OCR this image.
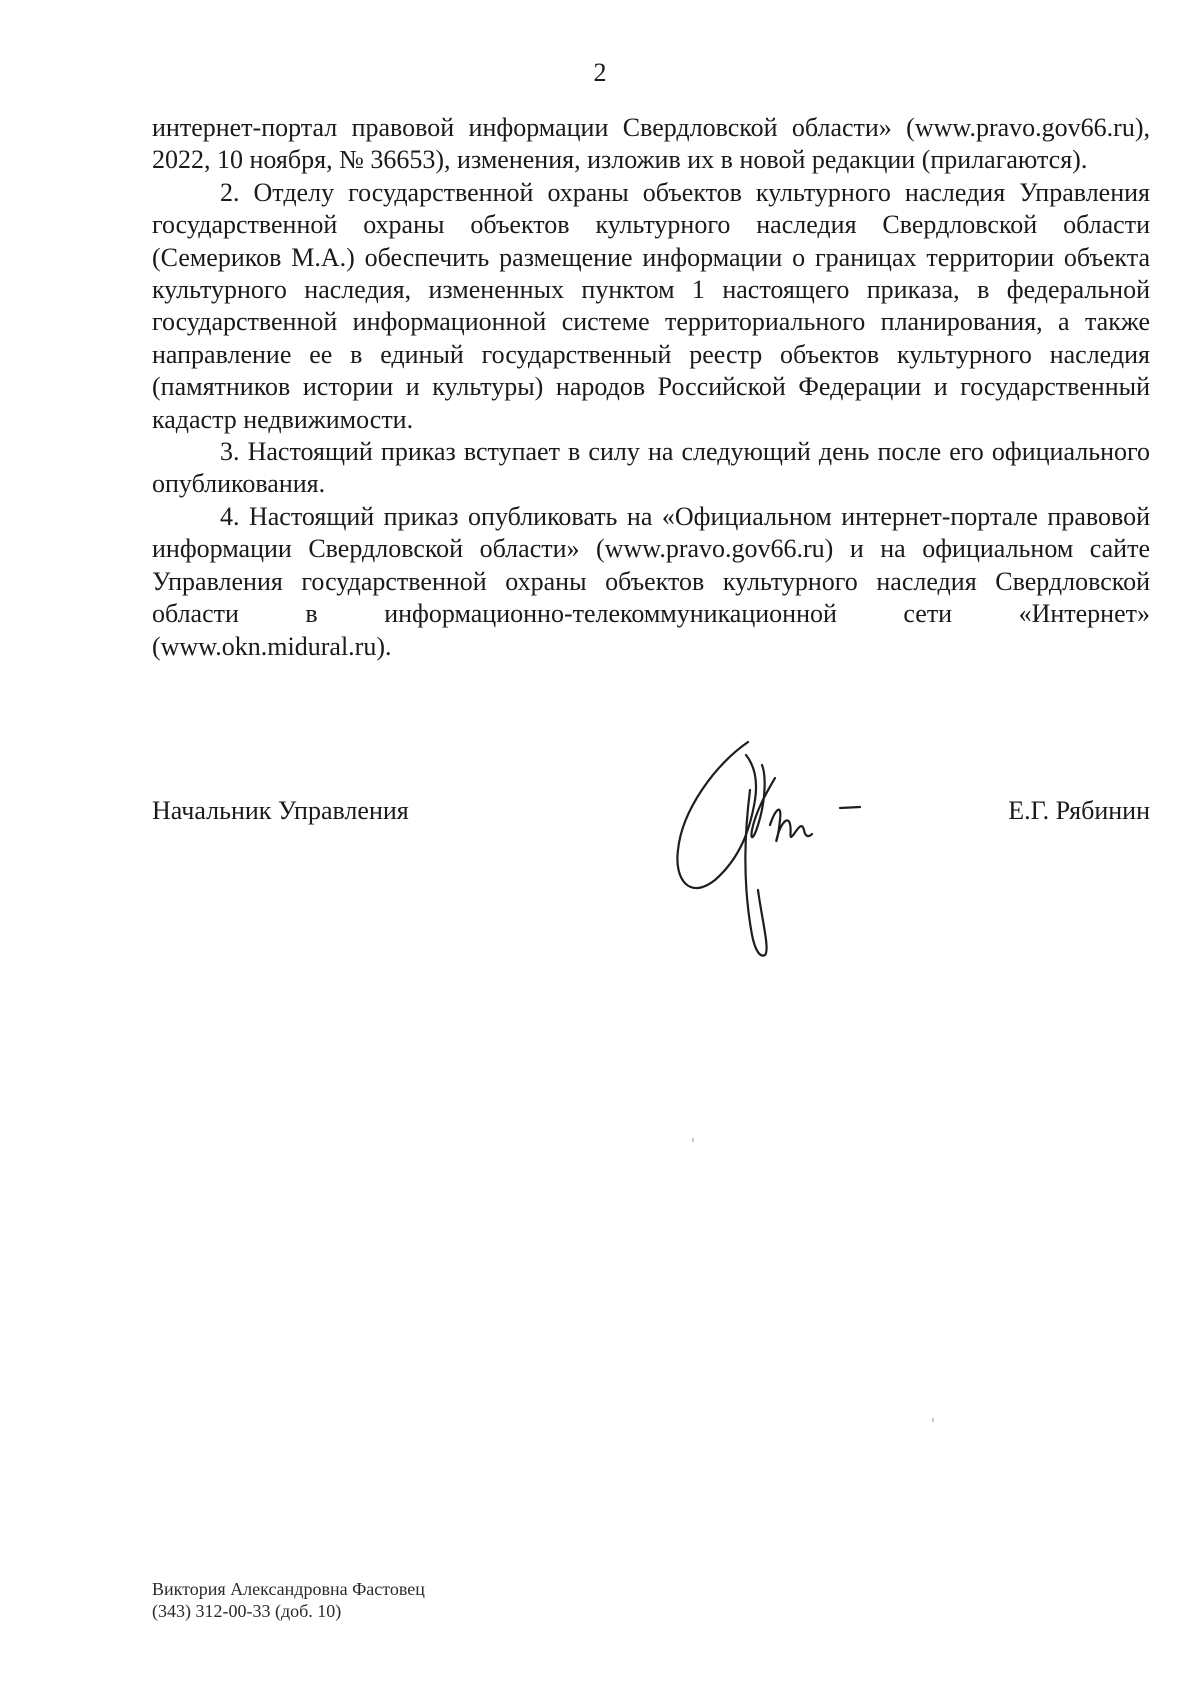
2

интернет-портал правовой информации Свердловской области» (www.pravo.gov66.ru), 2022, 10 ноября, № 36653), изменения, изложив их в новой редакции (прилагаются).

2. Отделу государственной охраны объектов культурного наследия Управления государственной охраны объектов культурного наследия Свердловской области (Семериков М.А.) обеспечить размещение информации о границах территории объекта культурного наследия, измененных пунктом 1 настоящего приказа, в федеральной государственной информационной системе территориального планирования, а также направление ее в единый государственный реестр объектов культурного наследия (памятников истории и культуры) народов Российской Федерации и государственный кадастр недвижимости.

3. Настоящий приказ вступает в силу на следующий день после его официального опубликования.

4. Настоящий приказ опубликовать на «Официальном интернет-портале правовой информации Свердловской области» (www.pravo.gov66.ru) и на официальном сайте Управления государственной охраны объектов культурного наследия Свердловской области в информационно-телекоммуникационной сети «Интернет» (www.okn.midural.ru).

Начальник Управления	Е.Г. Рябинин
Виктория Александровна Фастовец
(343) 312-00-33 (доб. 10)
